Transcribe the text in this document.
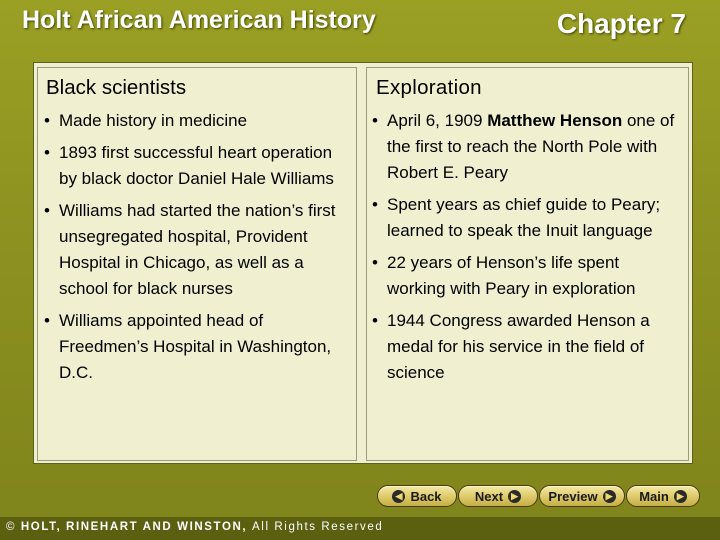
Holt African American History	Chapter 7
Black scientists	Exploration
• Made history in medicine
• 1893 first successful heart operation by black doctor Daniel Hale Williams
• Williams had started the nation’s first unsegregated hospital, Provident Hospital in Chicago, as well as a school for black nurses
• Williams appointed head of Freedmen’s Hospital in Washington, D.C.
• April 6, 1909 Matthew Henson one of the first to reach the North Pole with Robert E. Peary
• Spent years as chief guide to Peary; learned to speak the Inuit language
• 22 years of Henson’s life spent working with Peary in exploration
• 1944 Congress awarded Henson a medal for his service in the field of science
◀ Back	Next ▶ Preview ▶ Main ▶
© HOLT, RINEHART AND WINSTON, All Rights Reserved
